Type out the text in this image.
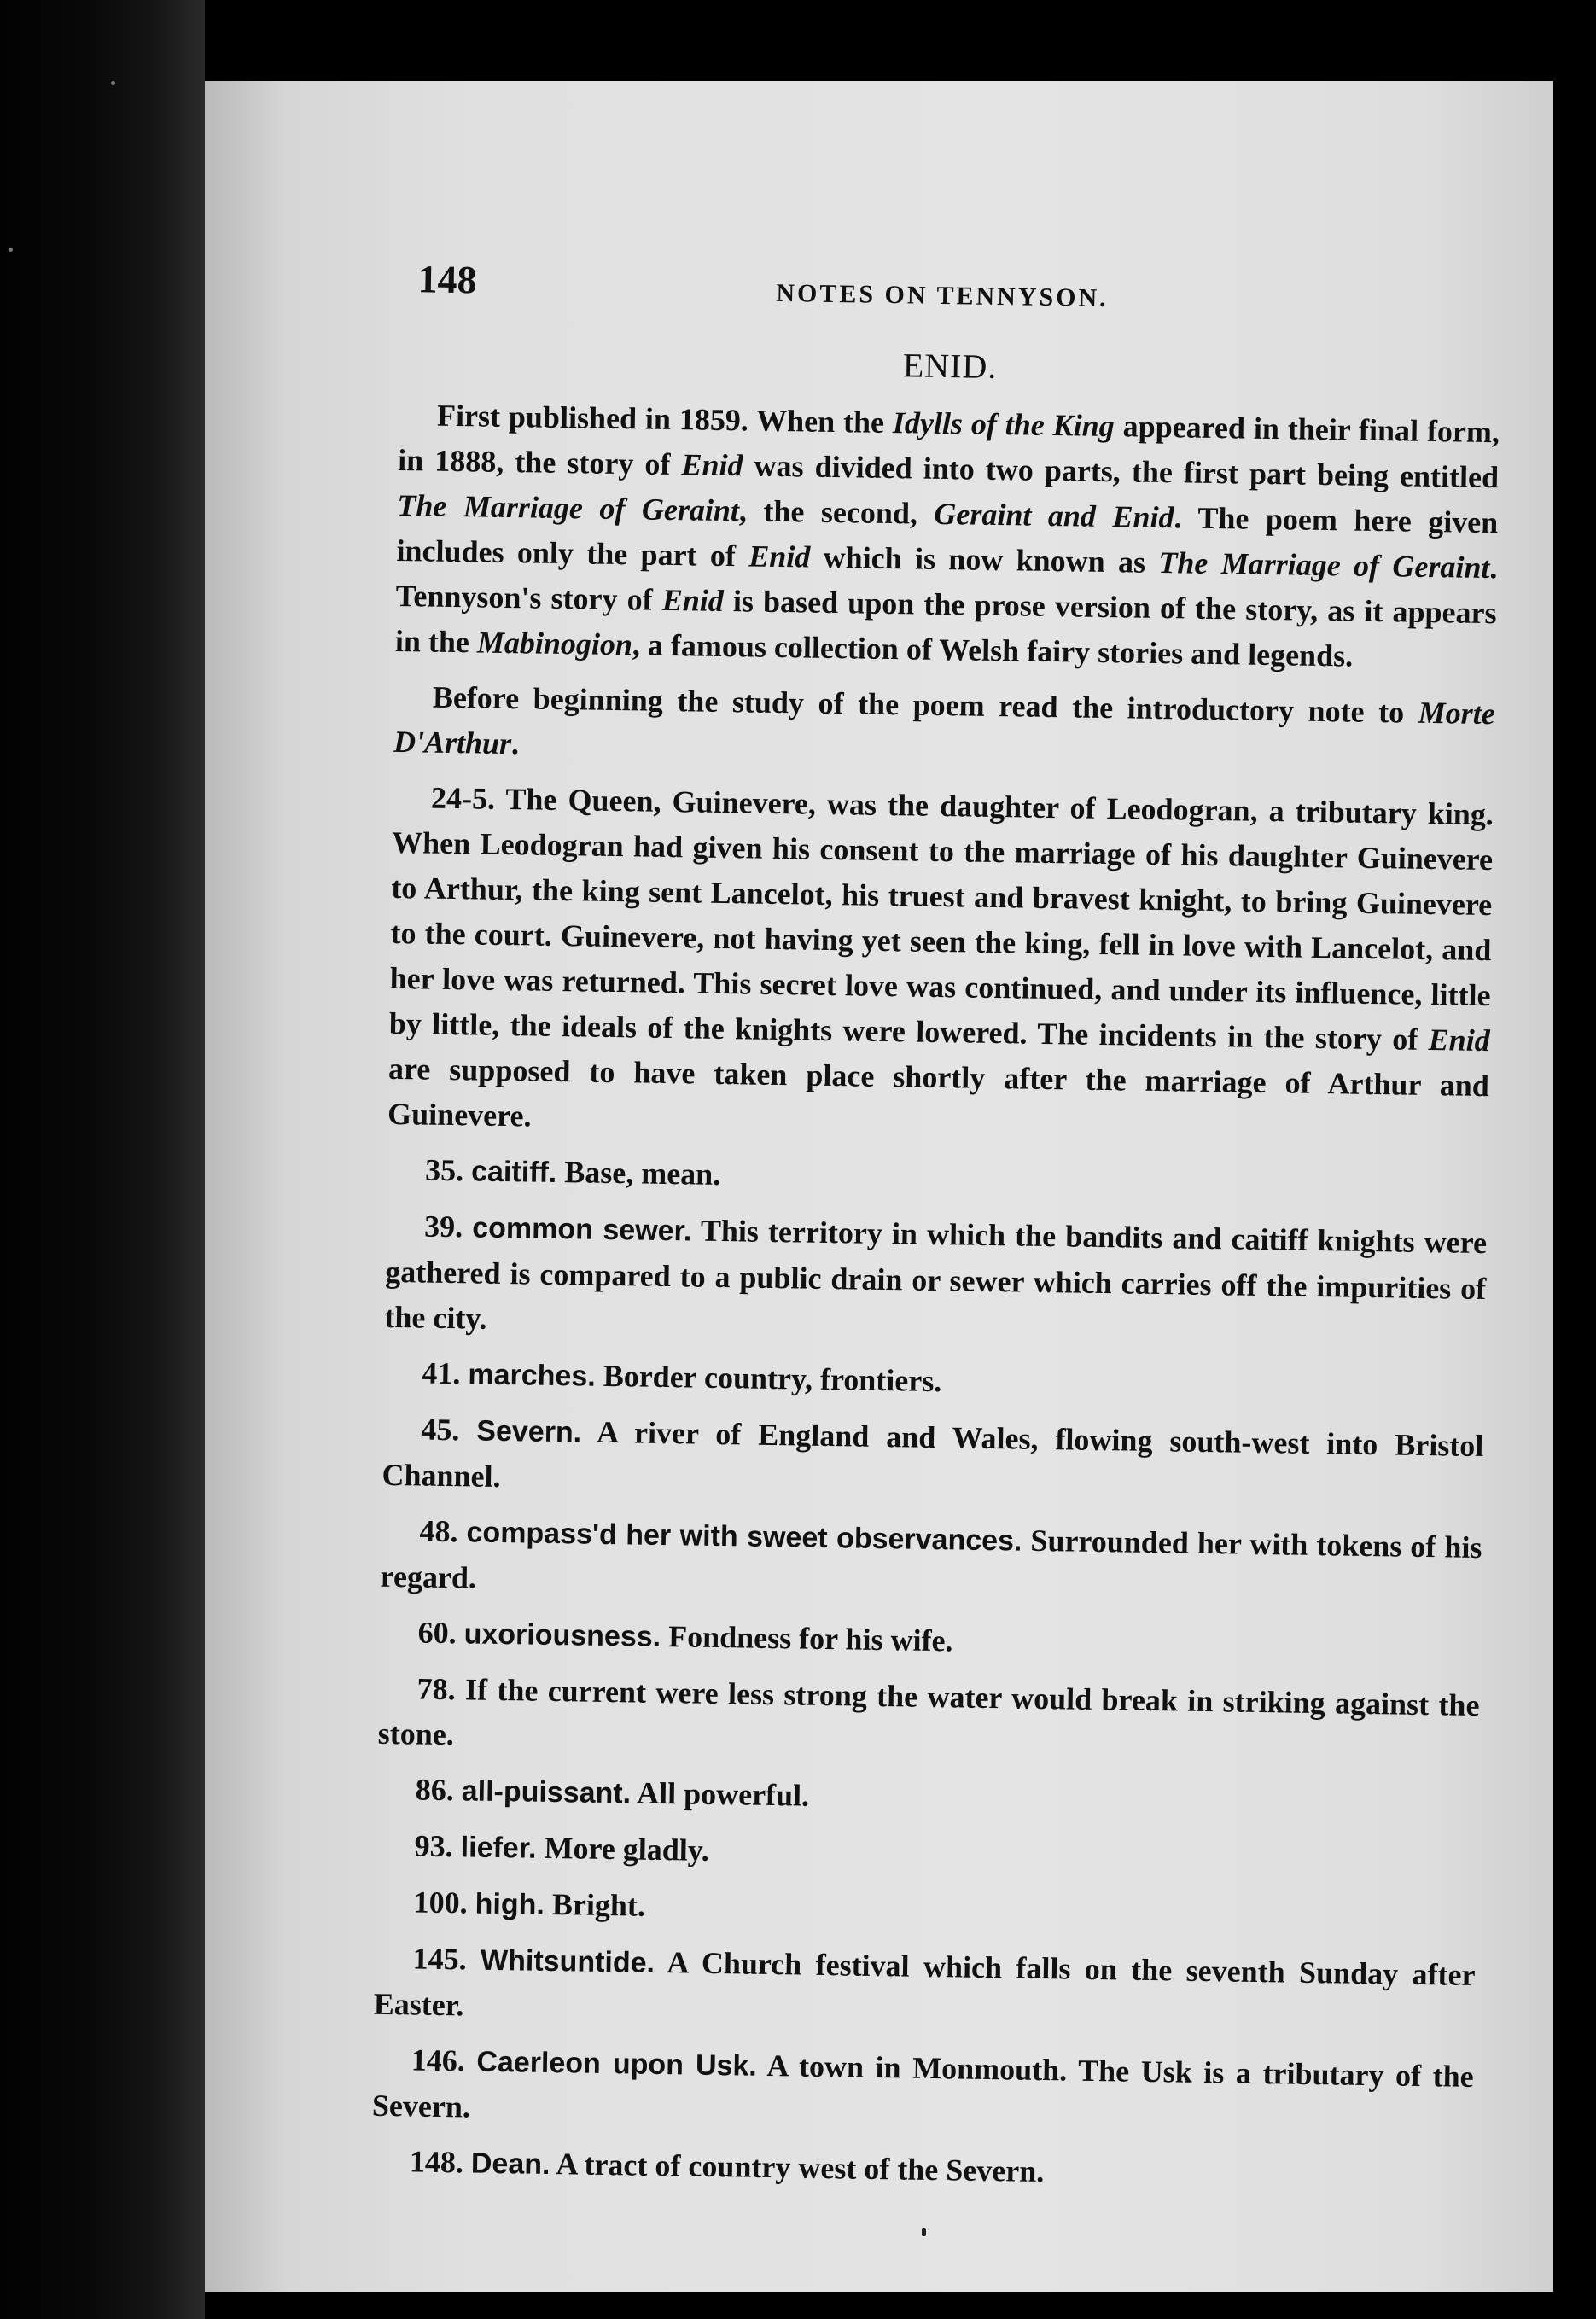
148	NOTES ON TENNYSON.
ENID.

First published in 1859. When the Idylls of the King appeared in their final form, in 1888, the story of Enid was divided into two parts, the first part being entitled The Marriage of Geraint, the second, Geraint and Enid. The poem here given includes only the part of Enid which is now known as The Marriage of Geraint. Tennyson's story of Enid is based upon the prose version of the story, as it appears in the Mabinogion, a famous collection of Welsh fairy stories and legends.

Before beginning the study of the poem read the introductory note to Morte D'Arthur.

24-5. The Queen, Guinevere, was the daughter of Leodogran, a tributary king. When Leodogran had given his consent to the marriage of his daughter Guinevere to Arthur, the king sent Lancelot, his truest and bravest knight, to bring Guinevere to the court. Guinevere, not having yet seen the king, fell in love with Lancelot, and her love was returned. This secret love was continued, and under its influence, little by little, the ideals of the knights were lowered. The incidents in the story of Enid are supposed to have taken place shortly after the marriage of Arthur and Guinevere.

35. caitiff. Base, mean.

39. common sewer. This territory in which the bandits and caitiff knights were gathered is compared to a public drain or sewer which carries off the impurities of the city.

41. marches. Border country, frontiers.

45. Severn. A river of England and Wales, flowing south-west into Bristol Channel.

48. compass'd her with sweet observances. Surrounded her with tokens of his regard.

60. uxoriousness. Fondness for his wife.

78. If the current were less strong the water would break in striking against the stone.

86. all-puissant. All powerful.

93. liefer. More gladly.

100. high. Bright.

145. Whitsuntide. A Church festival which falls on the seventh Sunday after Easter.

146. Caerleon upon Usk. A town in Monmouth. The Usk is a tributary of the Severn.

148. Dean. A tract of country west of the Severn.
